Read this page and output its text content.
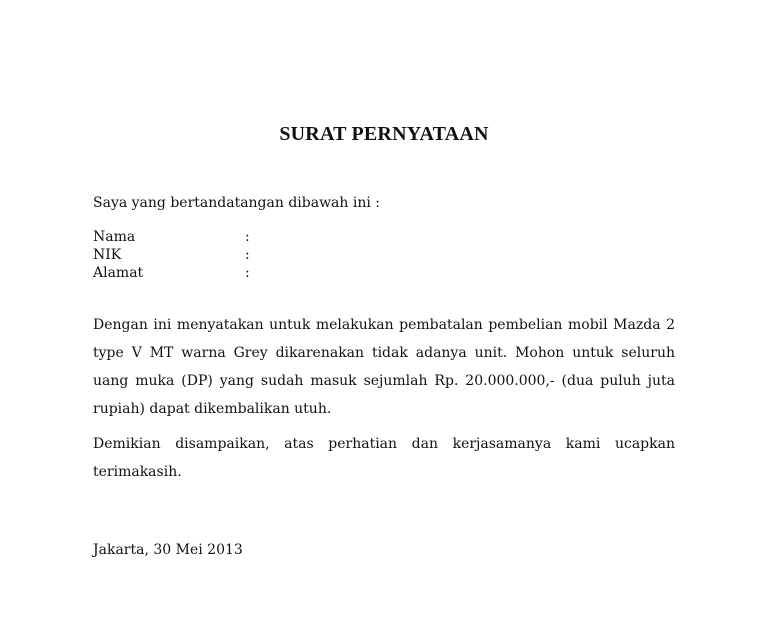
SURAT PERNYATAAN

Saya yang bertandatangan dibawah ini :

Nama	:
NIK	:
Alamat	:

Dengan ini menyatakan untuk melakukan pembatalan pembelian mobil Mazda 2 type V MT warna Grey dikarenakan tidak adanya unit. Mohon untuk seluruh uang muka (DP) yang sudah masuk sejumlah Rp. 20.000.000,- (dua puluh juta rupiah) dapat dikembalikan utuh.

Demikian disampaikan, atas perhatian dan kerjasamanya kami ucapkan terimakasih.

Jakarta, 30 Mei 2013
